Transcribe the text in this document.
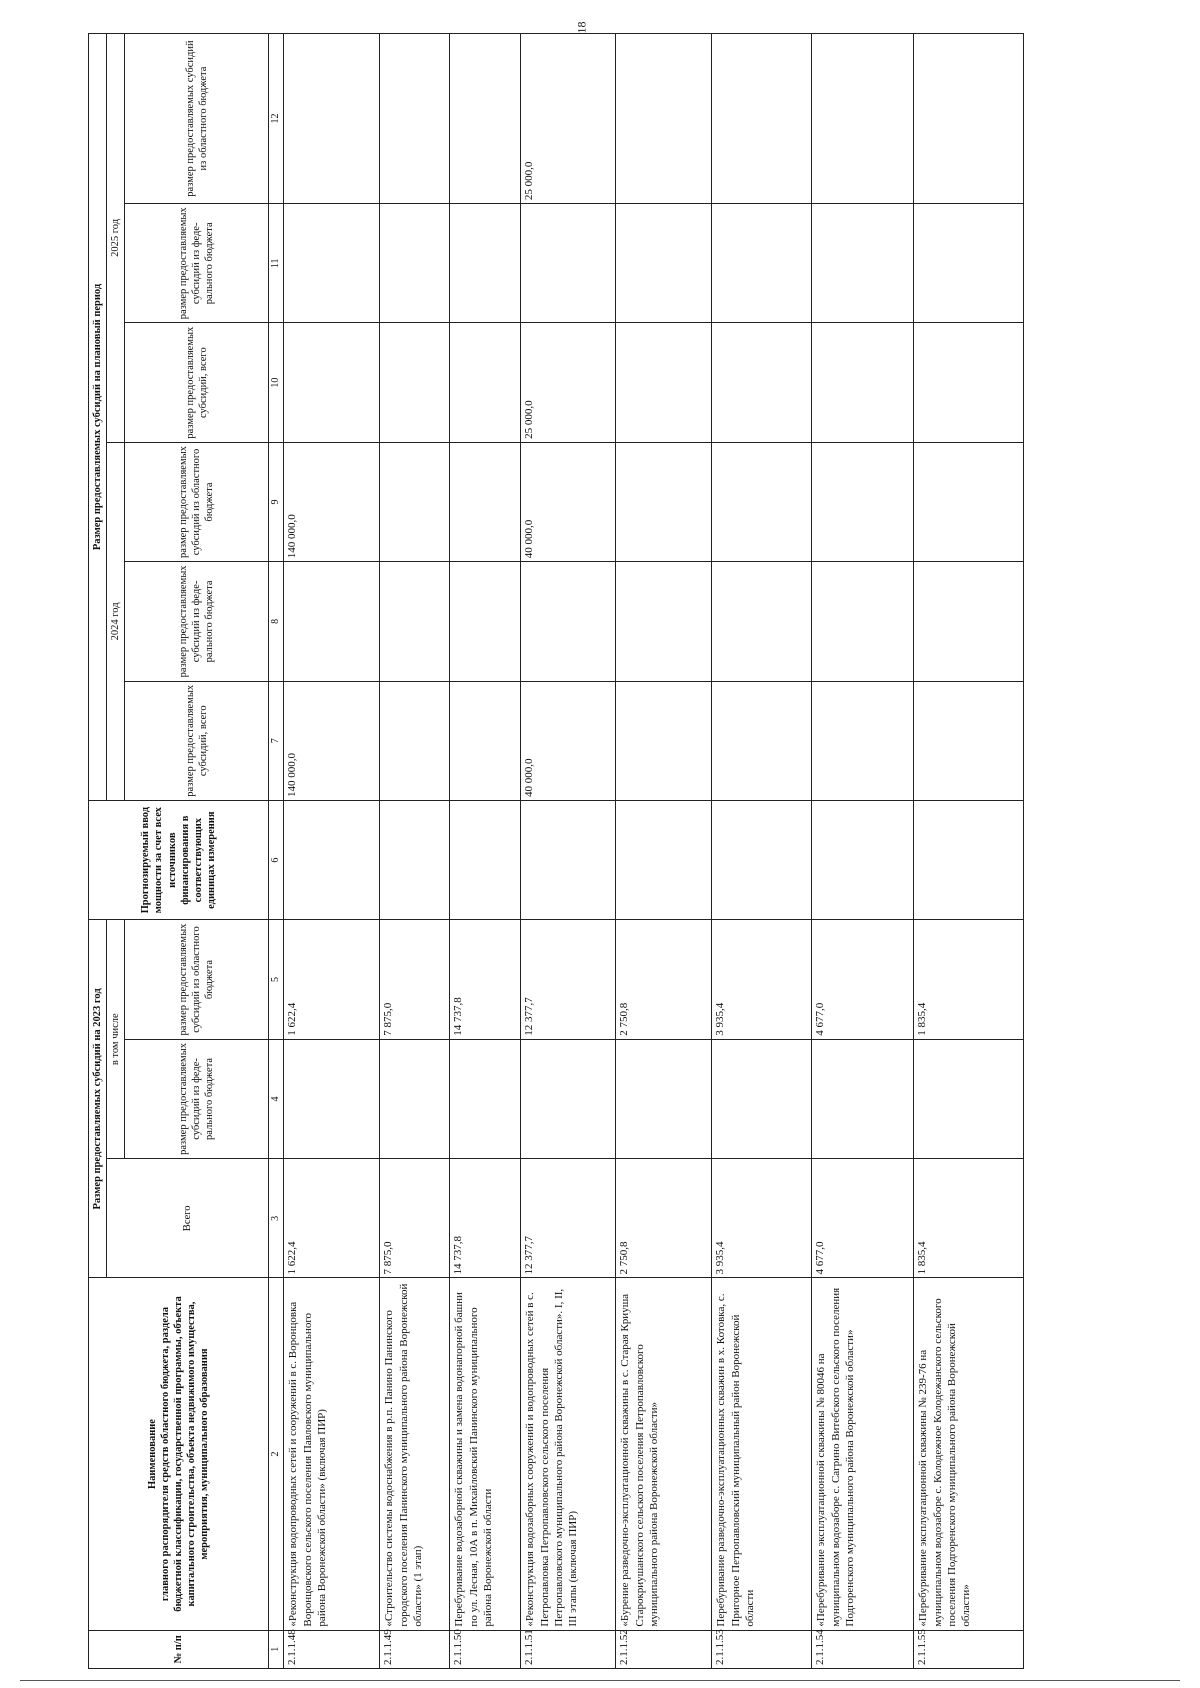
18
№ п/п	Наименование главного распорядителя средств областного бюджета, раздела бюджетной классификации, государственной программы, объекта капитального строительства, объекта недвижимого имущества, мероприятия, муниципального образования	Размер предоставляемых субсидий на 2023 год			Прогнозируемый ввод мощности за счет всех источников финансирования в соответствующих единицах измерения	Размер предоставляемых субсидий на плановый период					
		Всего	в том числе			2024 год			2025 год		
			размер предоставляемых субсидий из феде-рального бюджета	размер предоставляемых субсидий из областного бюджета		размер предоставляемых субсидий, всего	размер предоставляемых субсидий из феде-рального бюджета	размер предоставляемых субсидий из областного бюджета	размер предоставляемых субсидий, всего	размер предоставляемых субсидий из феде-рального бюджета	размер предоставляемых субсидий из областного бюджета

1	2	3	4	5	6	7	8	9	10	11	12
2.1.1.48	«Реконструкция водопроводных сетей и сооружений в с. Воронцовка Воронцовского сельского поселения Павловского муниципального района Воронежской области» (включая ПИР)	1 622,4		1 622,4		140 000,0		140 000,0			
2.1.1.49	«Строительство системы водоснабжения в р.п. Панино Панинского городского поселения Панинского муниципального района Воронежской области» (1 этап)	7 875,0		7 875,0							
2.1.1.50	Перебуривание водозаборной скважины и замена водонапорной башни по ул. Лесная, 10А в п. Михайловский Панинского муниципального района Воронежской области	14 737,8		14 737,8							
2.1.1.51	«Реконструкция водозаборных сооружений и водопроводных сетей в с. Петропавловка Петропавловского сельского поселения Петропавловского муниципального района Воронежской области». I, II, III этапы (включая ПИР)	12 377,7		12 377,7		40 000,0		40 000,0	25 000,0		25 000,0
2.1.1.52	«Бурение разведочно-эксплуатационной скважины в с. Старая Криуша Старокриушанского сельского поселения Петропавловского муниципального района Воронежской области»	2 750,8		2 750,8							
2.1.1.53	Перебуривание разведочно-эксплуатационных скважин в х. Котовка, с. Пригорное Петропавловский муниципальный район Воронежской области	3 935,4		3 935,4							
2.1.1.54	«Перебуривание эксплуатационной скважины № 80046 на муниципальном водозаборе с. Сагрино Витебского сельского поселения Подгоренского муниципального района Воронежской области»	4 677,0		4 677,0							
2.1.1.55	«Перебуривание эксплуатационной скважины № 239-76 на муниципальном водозаборе с. Колодежное Колодежанского сельского поселения Подгоренского муниципального района Воронежской области»	1 835,4		1 835,4							
